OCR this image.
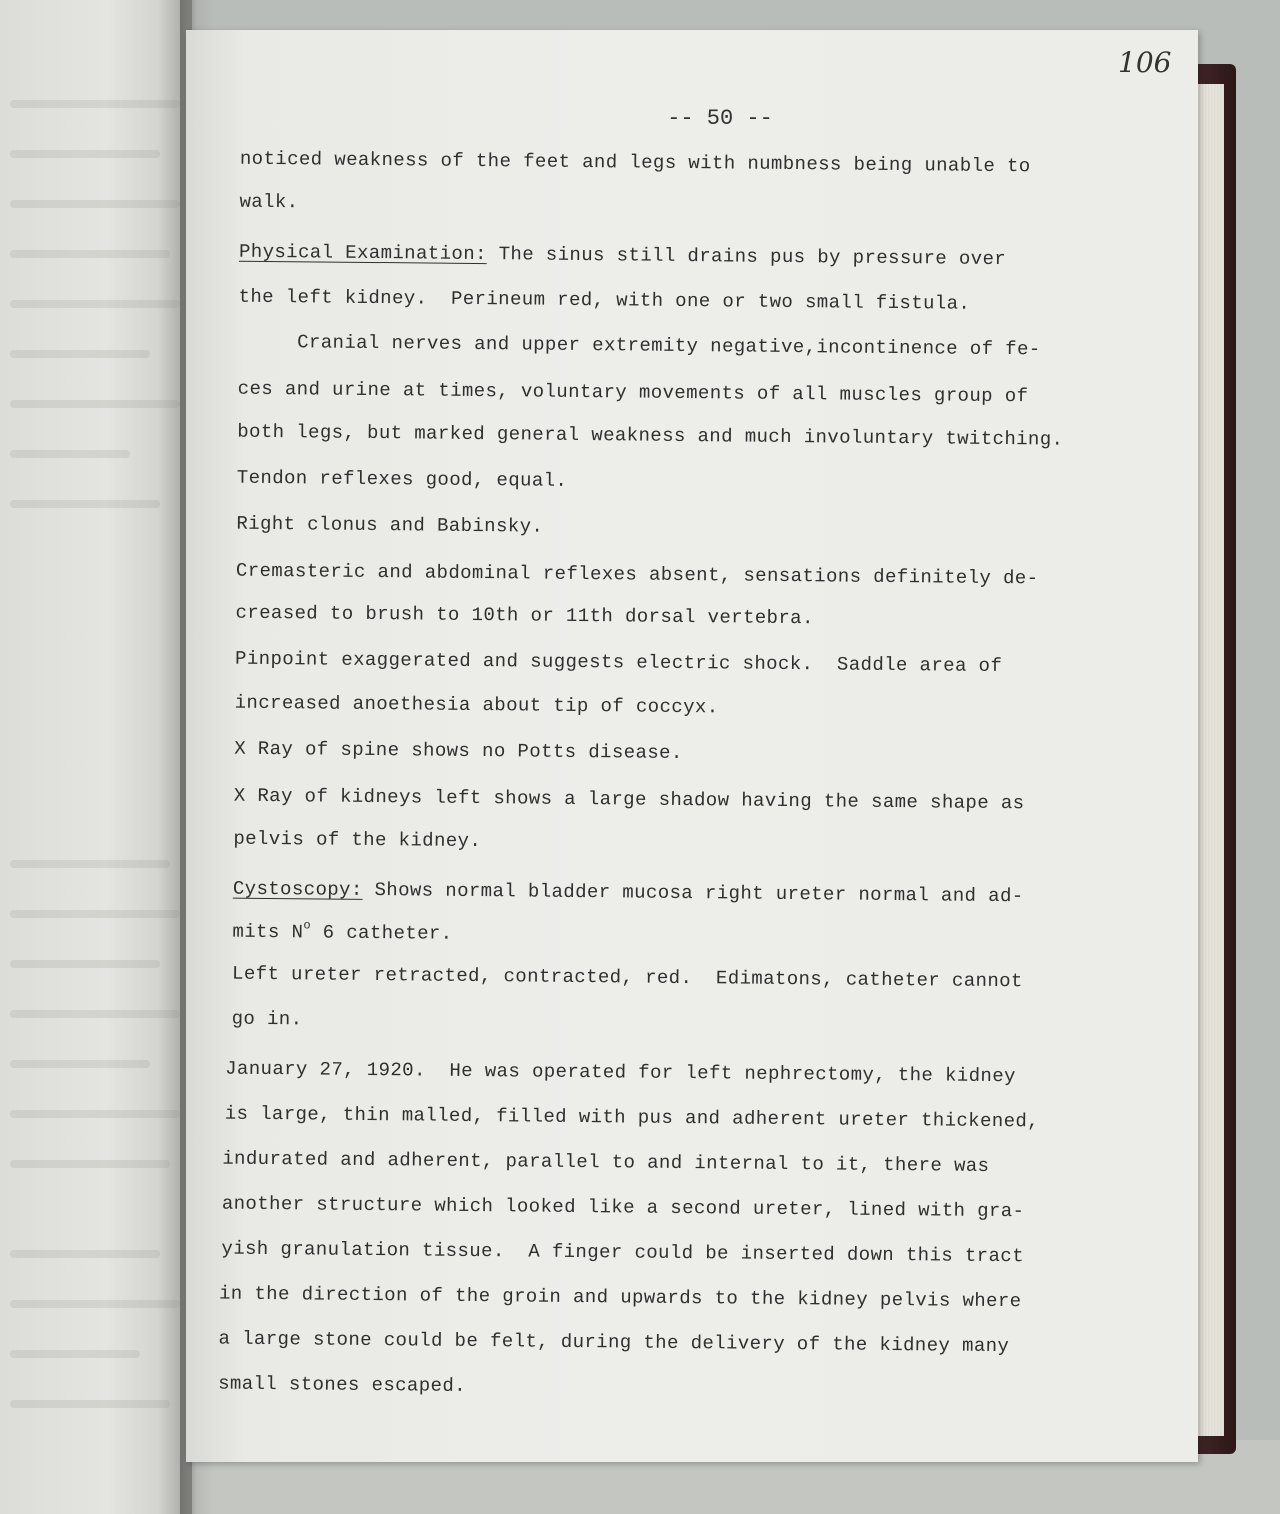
106
-- 50 --
noticed weakness of the feet and legs with numbness being unable to
walk.
Physical Examination: The sinus still drains pus by pressure over
the left kidney.  Perineum red, with one or two small fistula.
Cranial nerves and upper extremity negative,incontinence of fe-
ces and urine at times, voluntary movements of all muscles group of
both legs, but marked general weakness and much involuntary twitching.
Tendon reflexes good, equal.
Right clonus and Babinsky.
Cremasteric and abdominal reflexes absent, sensations definitely de-
creased to brush to 10th or 11th dorsal vertebra.
Pinpoint exaggerated and suggests electric shock.  Saddle area of
increased anoethesia about tip of coccyx.
X Ray of spine shows no Potts disease.
X Ray of kidneys left shows a large shadow having the same shape as
pelvis of the kidney.
Cystoscopy: Shows normal bladder mucosa right ureter normal and ad-
mits $N^o$ 6 catheter.
Left ureter retracted, contracted, red.  Edimatons, catheter cannot
go in.
January 27, 1920.  He was operated for left nephrectomy, the kidney
is large, thin malled, filled with pus and adherent ureter thickened,
indurated and adherent, parallel to and internal to it, there was
another structure which looked like a second ureter, lined with gra-
yish granulation tissue.  A finger could be inserted down this tract
in the direction of the groin and upwards to the kidney pelvis where
a large stone could be felt, during the delivery of the kidney many
small stones escaped.
